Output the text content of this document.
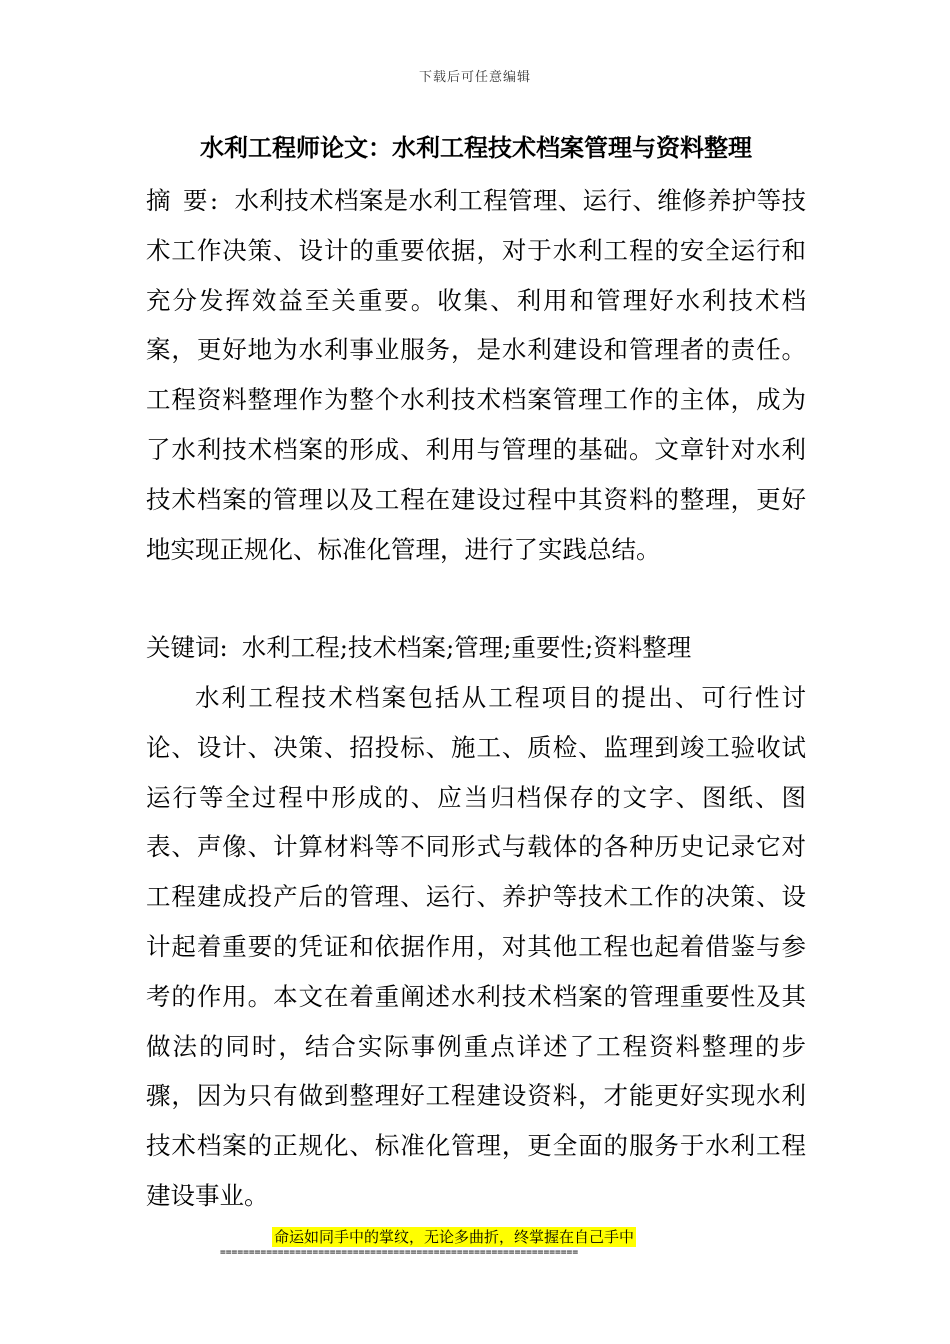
下载后可任意编辑
水利工程师论文：水利工程技术档案管理与资料整理
摘 要: 水利技术档案是水利工程管理、运行、维修养护等技术工作决策、设计的重要依据，对于水利工程的安全运行和充分发挥效益至关重要。收集、利用和管理好水利技术档案，更好地为水利事业服务，是水利建设和管理者的责任。工程资料整理作为整个水利技术档案管理工作的主体，成为了水利技术档案的形成、利用与管理的基础。文章针对水利技术档案的管理以及工程在建设过程中其资料的整理，更好地实现正规化、标准化管理，进行了实践总结。
关键词: 水利工程;技术档案;管理;重要性;资料整理
水利工程技术档案包括从工程项目的提出、可行性讨论、设计、决策、招投标、施工、质检、监理到竣工验收试运行等全过程中形成的、应当归档保存的文字、图纸、图表、声像、计算材料等不同形式与载体的各种历史记录它对工程建成投产后的管理、运行、养护等技术工作的决策、设计起着重要的凭证和依据作用，对其他工程也起着借鉴与参考的作用。本文在着重阐述水利技术档案的管理重要性及其做法的同时，结合实际事例重点详述了工程资料整理的步骤，因为只有做到整理好工程建设资料，才能更好实现水利技术档案的正规化、标准化管理，更全面的服务于水利工程建设事业。
命运如同手中的掌纹，无论多曲折，终掌握在自己手中
==============================================================
